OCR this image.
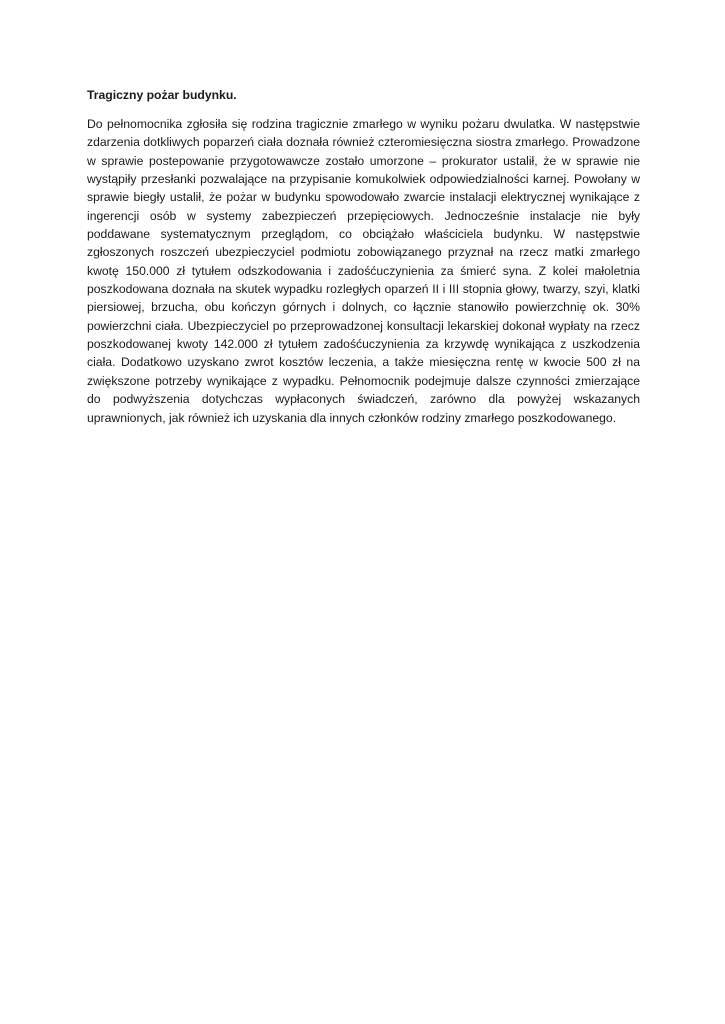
Tragiczny pożar budynku.

Do pełnomocnika zgłosiła się rodzina tragicznie zmarłego w wyniku pożaru dwulatka. W następstwie zdarzenia dotkliwych poparzeń ciała doznała również czteromiesięczna siostra zmarłego. Prowadzone w sprawie postepowanie przygotowawcze zostało umorzone – prokurator ustalił, że w sprawie nie wystąpiły przesłanki pozwalające na przypisanie komukolwiek odpowiedzialności karnej. Powołany w sprawie biegły ustalił, że pożar w budynku spowodowało zwarcie instalacji elektrycznej wynikające z ingerencji osób w systemy zabezpieczeń przepięciowych. Jednocześnie instalacje nie były poddawane systematycznym przeglądom, co obciążało właściciela budynku. W następstwie zgłoszonych roszczeń ubezpieczyciel podmiotu zobowiązanego przyznał na rzecz matki zmarłego kwotę 150.000 zł tytułem odszkodowania i zadośćuczynienia za śmierć syna. Z kolei małoletnia poszkodowana doznała na skutek wypadku rozległych oparzeń II i III stopnia głowy, twarzy, szyi, klatki piersiowej, brzucha, obu kończyn górnych i dolnych, co łącznie stanowiło powierzchnię ok. 30% powierzchni ciała. Ubezpieczyciel po przeprowadzonej konsultacji lekarskiej dokonał wypłaty na rzecz poszkodowanej kwoty 142.000 zł tytułem zadośćuczynienia za krzywdę wynikająca z uszkodzenia ciała. Dodatkowo uzyskano zwrot kosztów leczenia, a także miesięczna rentę w kwocie 500 zł na zwiększone potrzeby wynikające z wypadku. Pełnomocnik podejmuje dalsze czynności zmierzające do podwyższenia dotychczas wypłaconych świadczeń, zarówno dla powyżej wskazanych uprawnionych, jak również ich uzyskania dla innych członków rodziny zmarłego poszkodowanego.
